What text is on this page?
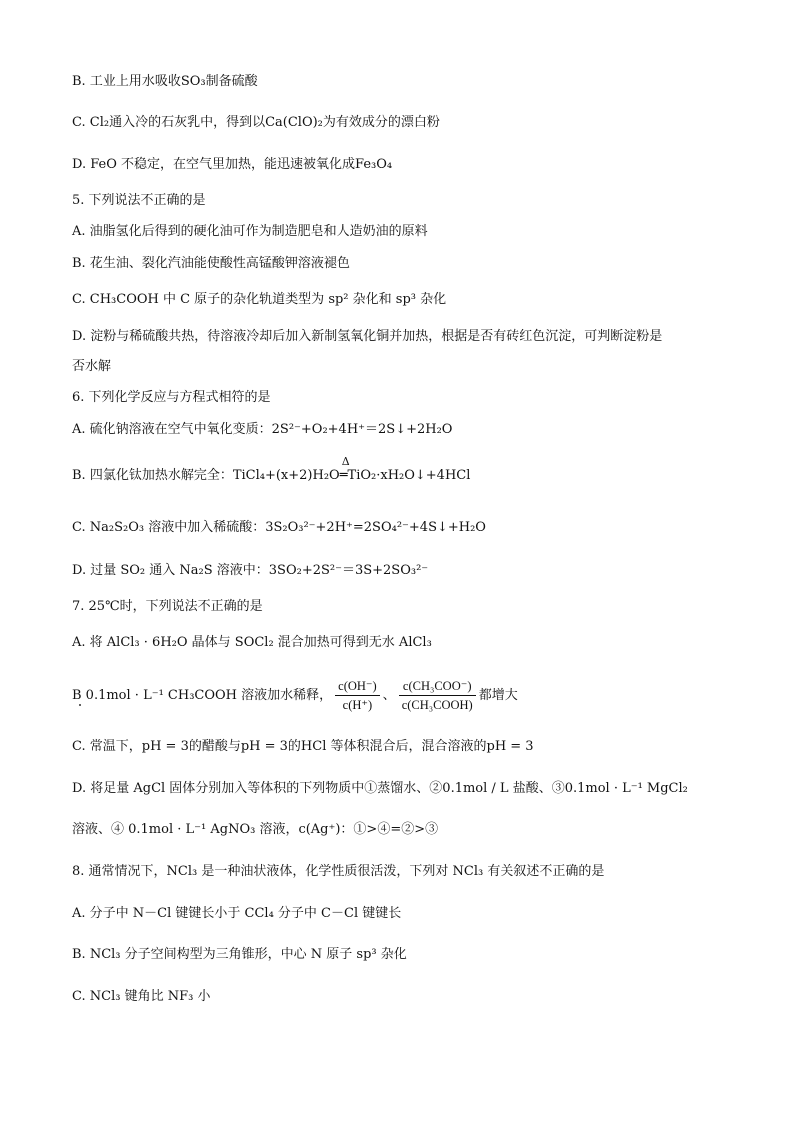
B. 工业上用水吸收SO₃制备硫酸
C. Cl₂通入冷的石灰乳中，得到以Ca(ClO)₂为有效成分的漂白粉
D. FeO 不稳定，在空气里加热，能迅速被氧化成Fe₃O₄
5. 下列说法不正确的是
A. 油脂氢化后得到的硬化油可作为制造肥皂和人造奶油的原料
B. 花生油、裂化汽油能使酸性高锰酸钾溶液褪色
C. CH₃COOH 中 C 原子的杂化轨道类型为 sp² 杂化和 sp³ 杂化
D. 淀粉与稀硫酸共热，待溶液冷却后加入新制氢氧化铜并加热，根据是否有砖红色沉淀，可判断淀粉是
否水解
6. 下列化学反应与方程式相符的是
A. 硫化钠溶液在空气中氧化变质：2S²⁻+O₂+4H⁺＝2S↓+2H₂O
B. 四氯化钛加热水解完全：TiCl₄+(x+2)H₂O
Δ
═TiO₂·xH₂O↓+4HCl
C. Na₂S₂O₃ 溶液中加入稀硫酸：3S₂O₃²⁻+2H⁺=2SO₄²⁻+4S↓+H₂O
D. 过量 SO₂ 通入 Na₂S 溶液中：3SO₂+2S²⁻＝3S+2SO₃²⁻
7. 25℃时，下列说法不正确的是
A. 将 AlCl₃ · 6H₂O 晶体与 SOCl₂ 混合加热可得到无水 AlCl₃
B 0.1mol · L⁻¹ CH₃COOH 溶液加水稀释， $\frac{c(OH^-)}{c(H^+)}$ 、 $\frac{\text{c(CH₃COO⁻)}}{\text{c(CH₃COOH)}}$ 都增大
C. 常温下，pH = 3的醋酸与pH = 3的HCl 等体积混合后，混合溶液的pH = 3
D. 将足量 AgCl 固体分别加入等体积的下列物质中①蒸馏水、②0.1mol / L 盐酸、③0.1mol · L⁻¹ MgCl₂
溶液、④ 0.1mol · L⁻¹ AgNO₃ 溶液，c(Ag⁺)：①>④=②>③
8. 通常情况下，NCl₃ 是一种油状液体，化学性质很活泼，下列对 NCl₃ 有关叙述不正确的是
A. 分子中 N－Cl 键键长小于 CCl₄ 分子中 C－Cl 键键长
B. NCl₃ 分子空间构型为三角锥形，中心 N 原子 sp³ 杂化
C. NCl₃ 键角比 NF₃ 小
